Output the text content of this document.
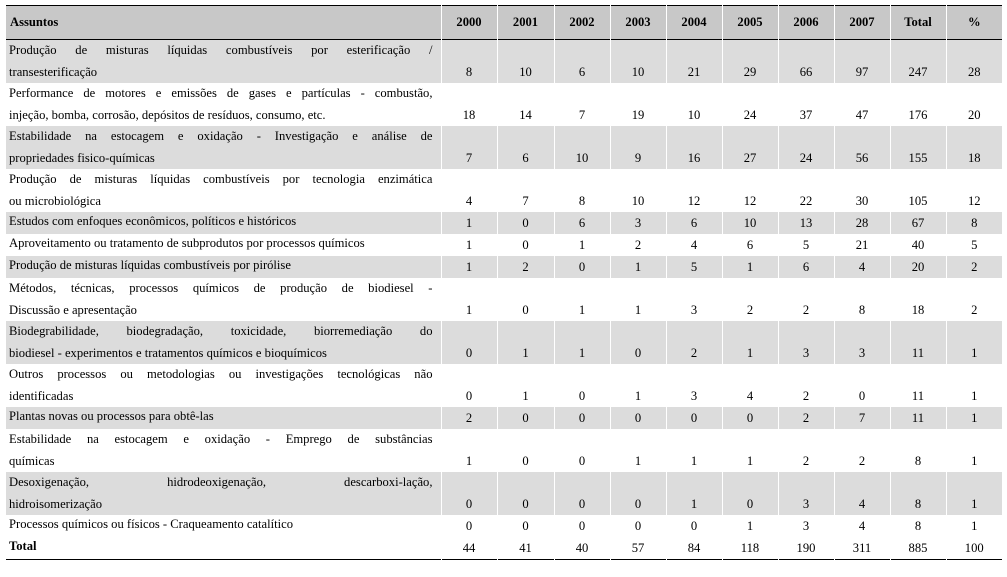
Assuntos	2000	2001	2002	2003	2004	2005	2006	2007	Total	%

Produção de misturas líquidas combustíveis por esterificação /
transesterificação	8	10	6	10	21	29	66	97	247	28

Performance de motores e emissões de gases e partículas - combustão,
injeção, bomba, corrosão, depósitos de resíduos, consumo, etc.	18	14	7	19	10	24	37	47	176	20

Estabilidade na estocagem e oxidação - Investigação e análise de
propriedades fisico-químicas	7	6	10	9	16	27	24	56	155	18

Produção de misturas líquidas combustíveis por tecnologia enzimática
ou microbiológica	4	7	8	10	12	12	22	30	105	12
Estudos com enfoques econômicos, políticos e históricos	1	0	6	3	6	10	13	28	67	8
Aproveitamento ou tratamento de subprodutos por processos químicos	1	0	1	2	4	6	5	21	40	5
Produção de misturas líquidas combustíveis por pirólise	1	2	0	1	5	1	6	4	20	2

Métodos, técnicas, processos químicos de produção de biodiesel -
Discussão e apresentação	1	0	1	1	3	2	2	8	18	2

Biodegrabilidade, biodegradação, toxicidade, biorremediação do
biodiesel - experimentos e tratamentos químicos e bioquímicos	0	1	1	0	2	1	3	3	11	1

Outros processos ou metodologias ou investigações tecnológicas não
identificadas	0	1	0	1	3	4	2	0	11	1
Plantas novas ou processos para obtê-las	2	0	0	0	0	0	2	7	11	1

Estabilidade na estocagem e oxidação - Emprego de substâncias
químicas	1	0	0	1	1	1	2	2	8	1

Desoxigenação, hidrodeoxigenação, descarboxi-lação,
hidroisomerização	0	0	0	0	1	0	3	4	8	1
Processos químicos ou físicos - Craqueamento catalítico	0	0	0	0	0	1	3	4	8	1
Total	44	41	40	57	84	118	190	311	885	100
